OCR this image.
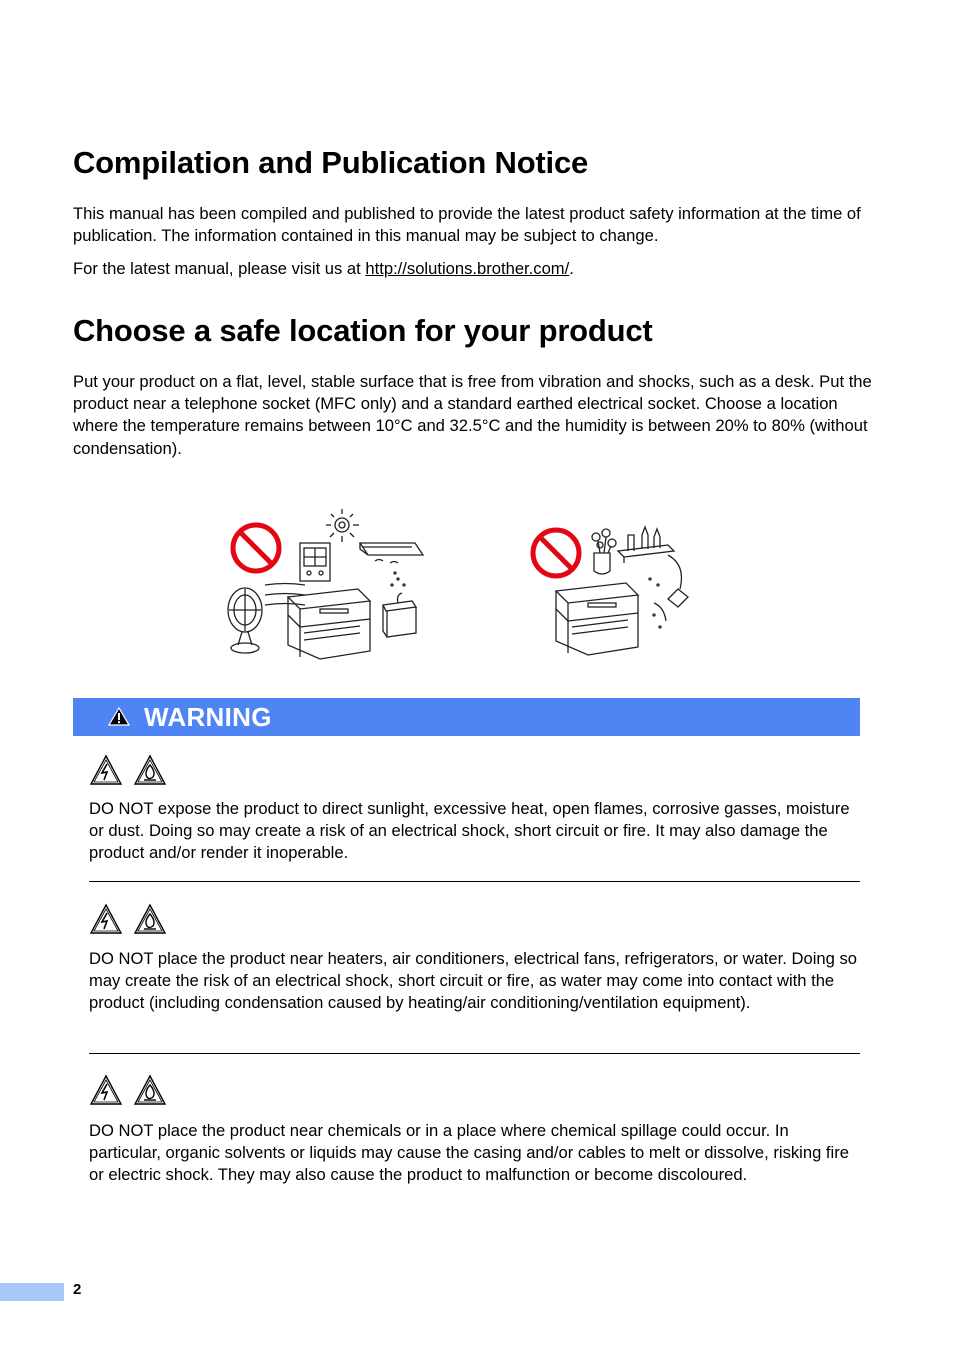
Compilation and Publication Notice

This manual has been compiled and published to provide the latest product safety information at the time of publication. The information contained in this manual may be subject to change.

For the latest manual, please visit us at http://solutions.brother.com/.

Choose a safe location for your product

Put your product on a flat, level, stable surface that is free from vibration and shocks, such as a desk. Put the product near a telephone socket (MFC only) and a standard earthed electrical socket. Choose a location where the temperature remains between 10°C and 32.5°C and the humidity is between 20% to 80% (without condensation).

WARNING

DO NOT expose the product to direct sunlight, excessive heat, open flames, corrosive gasses, moisture or dust. Doing so may create a risk of an electrical shock, short circuit or fire. It may also damage the product and/or render it inoperable.

DO NOT place the product near heaters, air conditioners, electrical fans, refrigerators, or water. Doing so may create the risk of an electrical shock, short circuit or fire, as water may come into contact with the product (including condensation caused by heating/air conditioning/ventilation equipment).

DO NOT place the product near chemicals or in a place where chemical spillage could occur. In particular, organic solvents or liquids may cause the casing and/or cables to melt or dissolve, risking fire or electric shock. They may also cause the product to malfunction or become discoloured.

2
